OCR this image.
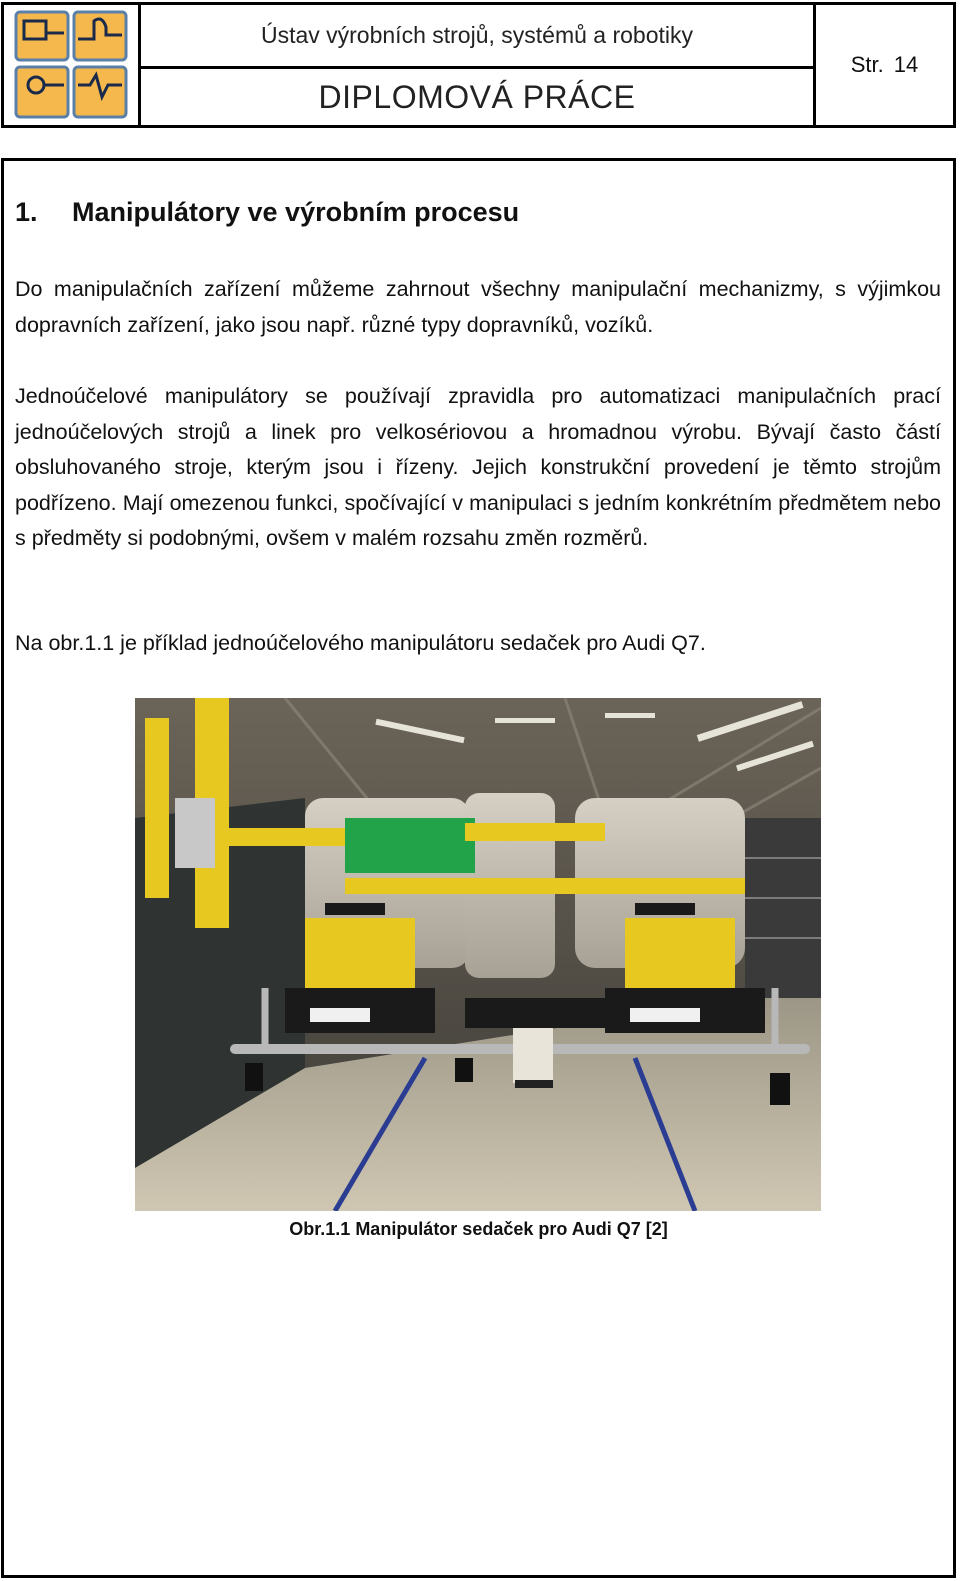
Ústav výrobních strojů, systémů a robotiky
DIPLOMOVÁ PRÁCE
Str. 14
1. Manipulátory ve výrobním procesu
Do manipulačních zařízení můžeme zahrnout všechny manipulační mechanizmy, s výjimkou dopravních zařízení, jako jsou např. různé typy dopravníků, vozíků.
Jednoúčelové manipulátory se používají zpravidla pro automatizaci manipulačních prací jednoúčelových strojů a linek pro velkosériovou a hromadnou výrobu. Bývají často částí obsluhovaného stroje, kterým jsou i řízeny. Jejich konstrukční provedení je těmto strojům podřízeno. Mají omezenou funkci, spočívající v manipulaci s jedním konkrétním předmětem nebo s předměty si podobnými, ovšem v malém rozsahu změn rozměrů.
Na obr.1.1 je příklad jednoúčelového manipulátoru sedaček pro Audi Q7.
Obr.1.1 Manipulátor sedaček pro Audi Q7 [2]
